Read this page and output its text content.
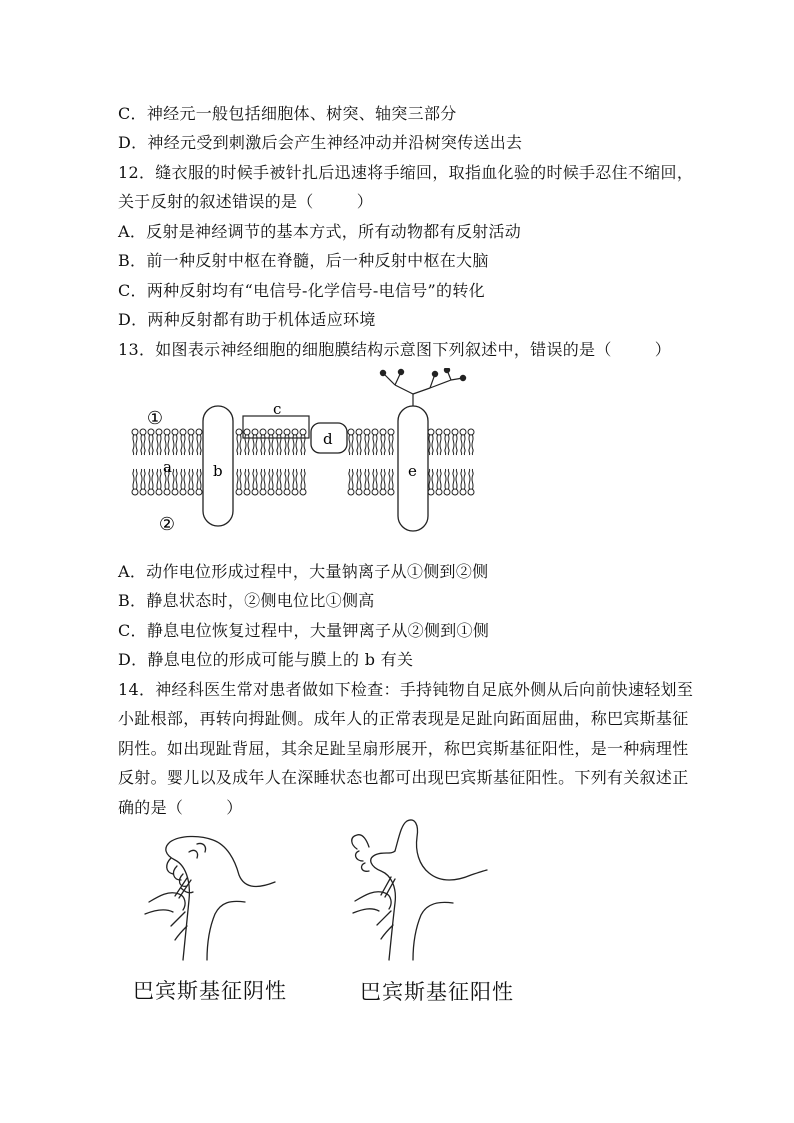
C．神经元一般包括细胞体、树突、轴突三部分
D．神经元受到刺激后会产生神经冲动并沿树突传送出去
12．缝衣服的时候手被针扎后迅速将手缩回，取指血化验的时候手忍住不缩回，
关于反射的叙述错误的是（        ）
A．反射是神经调节的基本方式，所有动物都有反射活动
B．前一种反射中枢在脊髓，后一种反射中枢在大脑
C．两种反射均有“电信号-化学信号-电信号”的转化
D．两种反射都有助于机体适应环境
13．如图表示神经细胞的细胞膜结构示意图下列叙述中，错误的是（        ）
①
②
a	b
c
d
e
A．动作电位形成过程中，大量钠离子从①侧到②侧
B．静息状态时，②侧电位比①侧高
C．静息电位恢复过程中，大量钾离子从②侧到①侧
D．静息电位的形成可能与膜上的 b 有关
14．神经科医生常对患者做如下检查：手持钝物自足底外侧从后向前快速轻划至
小趾根部，再转向拇趾侧。成年人的正常表现是足趾向跖面屈曲，称巴宾斯基征
阴性。如出现趾背屈，其余足趾呈扇形展开，称巴宾斯基征阳性，是一种病理性
反射。婴儿以及成年人在深睡状态也都可出现巴宾斯基征阳性。下列有关叙述正
确的是（        ）
巴宾斯基征阴性	巴宾斯基征阳性
